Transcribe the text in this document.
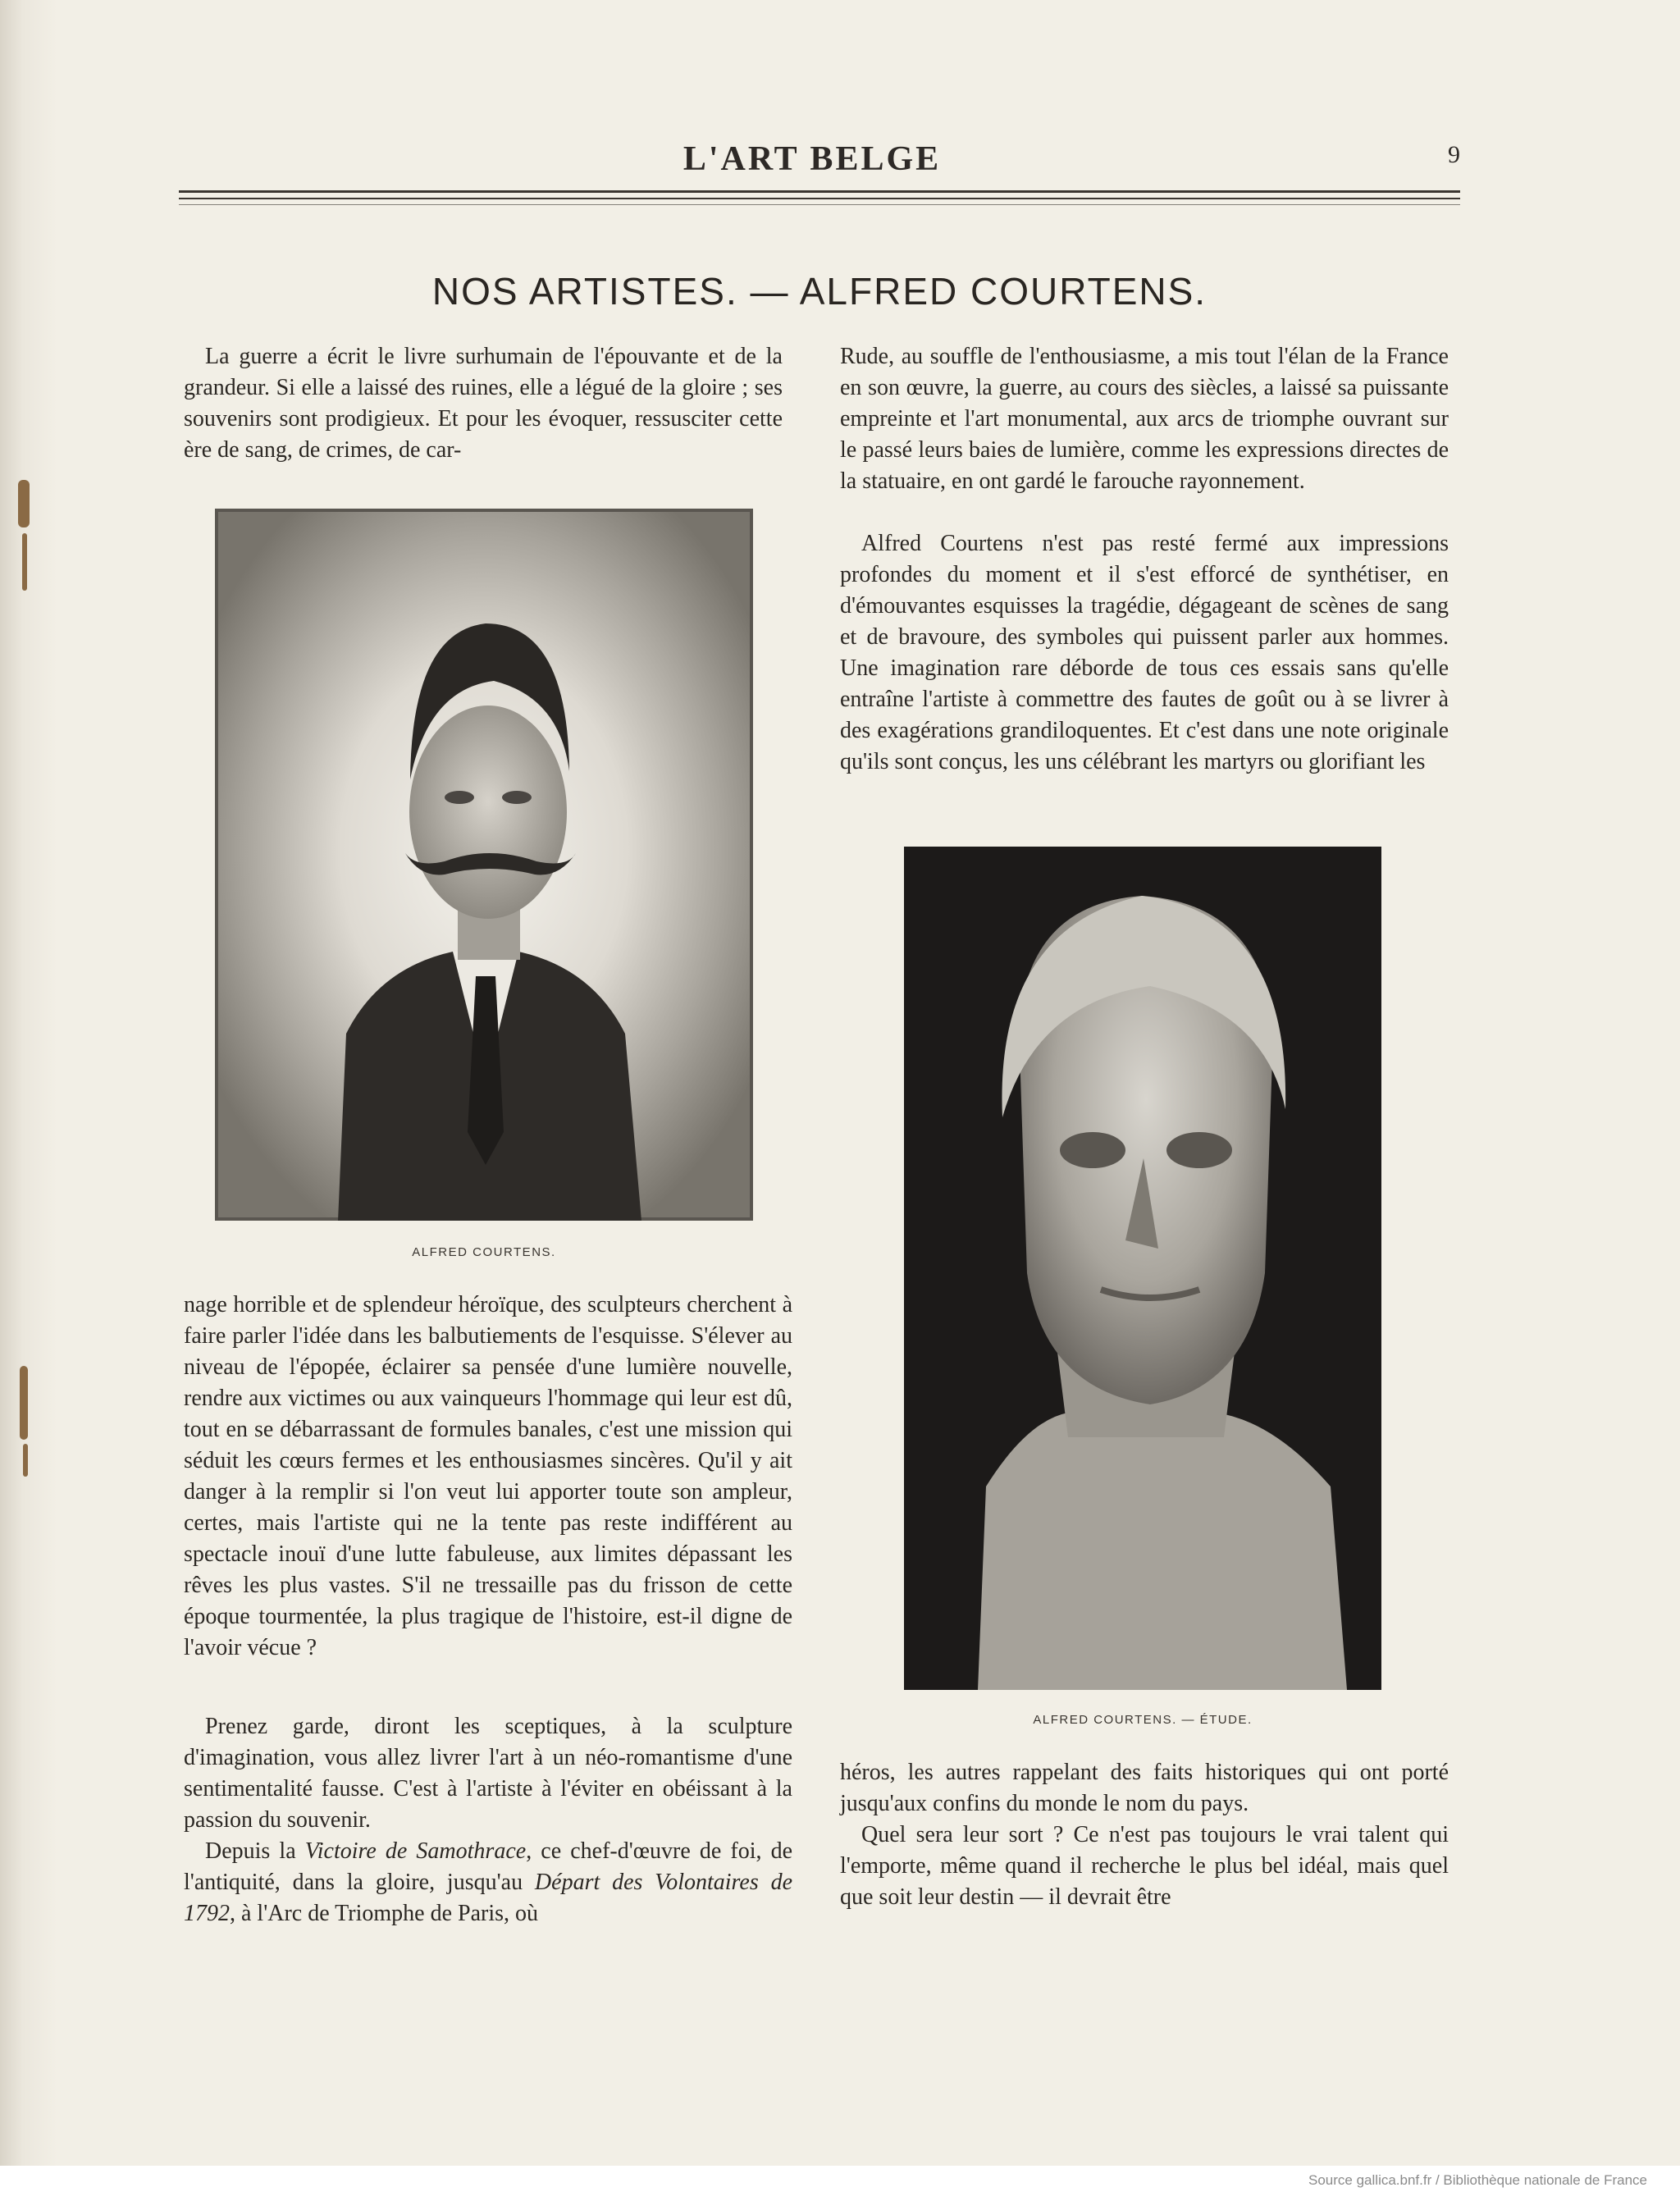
L'ART BELGE	9
NOS ARTISTES. — ALFRED COURTENS.

La guerre a écrit le livre surhumain de l'épouvante et de la grandeur. Si elle a laissé des ruines, elle a légué de la gloire ; ses souvenirs sont prodigieux. Et pour les évoquer, ressusciter cette ère de sang, de crimes, de car-

ALFRED COURTENS.

nage horrible et de splendeur héroïque, des sculpteurs cherchent à faire parler l'idée dans les balbutiements de l'esquisse. S'élever au niveau de l'épopée, éclairer sa pensée d'une lumière nouvelle, rendre aux victimes ou aux vainqueurs l'hommage qui leur est dû, tout en se débarrassant de formules banales, c'est une mission qui séduit les cœurs fermes et les enthousiasmes sincères. Qu'il y ait danger à la remplir si l'on veut lui apporter toute son ampleur, certes, mais l'artiste qui ne la tente pas reste indifférent au spectacle inouï d'une lutte fabuleuse, aux limites dépassant les rêves les plus vastes. S'il ne tressaille pas du frisson de cette époque tourmentée, la plus tragique de l'histoire, est-il digne de l'avoir vécue ?

Prenez garde, diront les sceptiques, à la sculpture d'imagination, vous allez livrer l'art à un néo-romantisme d'une sentimentalité fausse. C'est à l'artiste à l'éviter en obéissant à la passion du souvenir.

Depuis la Victoire de Samothrace, ce chef-d'œuvre de foi, de l'antiquité, dans la gloire, jusqu'au Départ des Volontaires de 1792, à l'Arc de Triomphe de Paris, où

Rude, au souffle de l'enthousiasme, a mis tout l'élan de la France en son œuvre, la guerre, au cours des siècles, a laissé sa puissante empreinte et l'art monumental, aux arcs de triomphe ouvrant sur le passé leurs baies de lumière, comme les expressions directes de la statuaire, en ont gardé le farouche rayonnement.

Alfred Courtens n'est pas resté fermé aux impressions profondes du moment et il s'est efforcé de synthétiser, en d'émouvantes esquisses la tragédie, dégageant de scènes de sang et de bravoure, des symboles qui puissent parler aux hommes. Une imagination rare déborde de tous ces essais sans qu'elle entraîne l'artiste à commettre des fautes de goût ou à se livrer à des exagérations grandiloquentes. Et c'est dans une note originale qu'ils sont conçus, les uns célébrant les martyrs ou glorifiant les

ALFRED COURTENS. — ÉTUDE.

héros, les autres rappelant des faits historiques qui ont porté jusqu'aux confins du monde le nom du pays.

Quel sera leur sort ? Ce n'est pas toujours le vrai talent qui l'emporte, même quand il recherche le plus bel idéal, mais quel que soit leur destin — il devrait être

Source gallica.bnf.fr / Bibliothèque nationale de France
